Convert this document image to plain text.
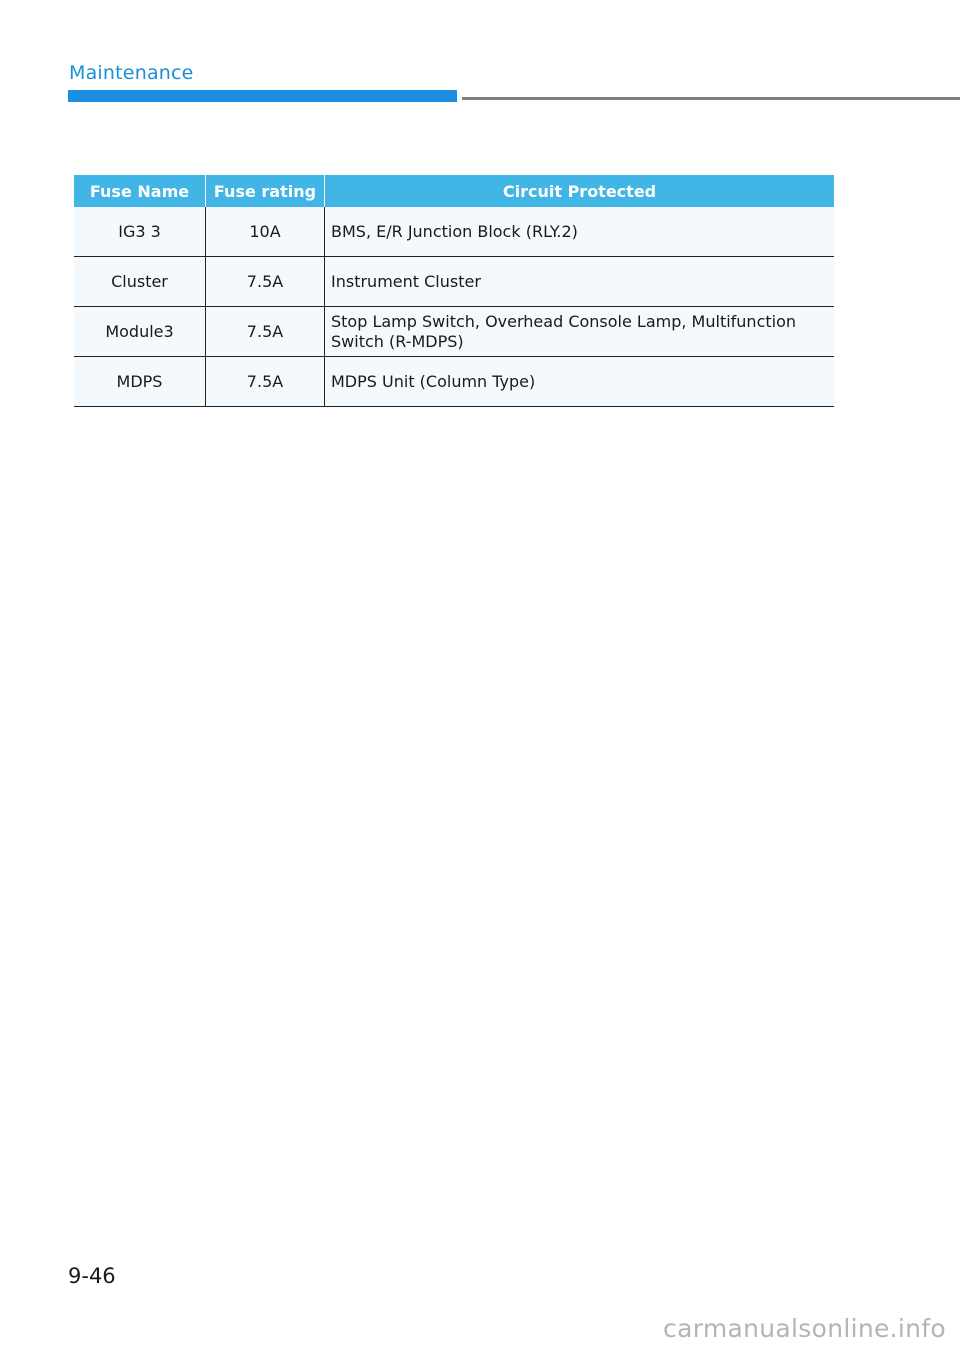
Maintenance
Fuse Name	Fuse rating	Circuit Protected
IG3 3	10A	BMS, E/R Junction Block (RLY.2)
Cluster	7.5A	Instrument Cluster
Module3	7.5A	Stop Lamp Switch, Overhead Console Lamp, Multifunction Switch (R-MDPS)
MDPS	7.5A	MDPS Unit (Column Type)
9-46
carmanualsonline.info
